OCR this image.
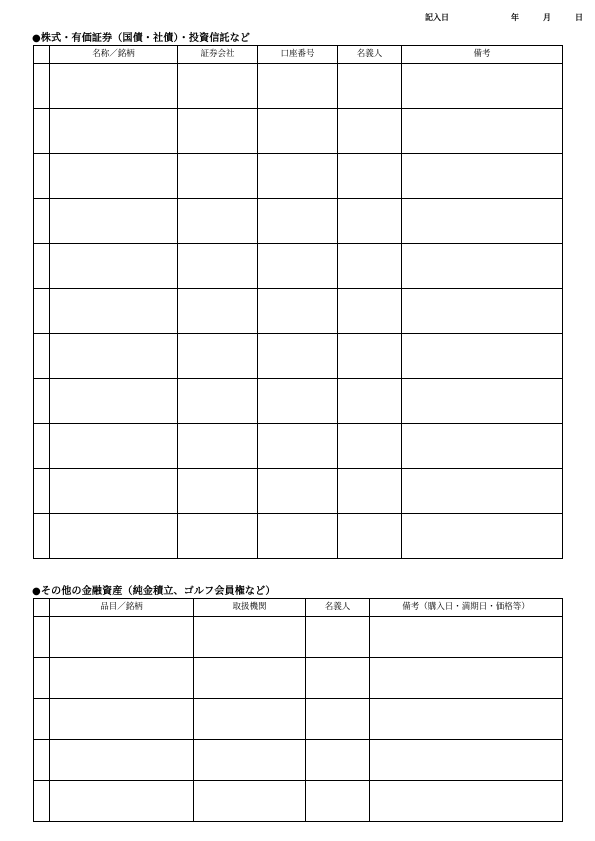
記入日	年	月	日
●株式・有価証券（国債・社債）・投資信託など
	名称／銘柄	証券会社	口座番号	名義人	備考

●その他の金融資産（純金積立、ゴルフ会員権など）
	品目／銘柄	取扱機関	名義人	備考（購入日・満期日・価格等）
